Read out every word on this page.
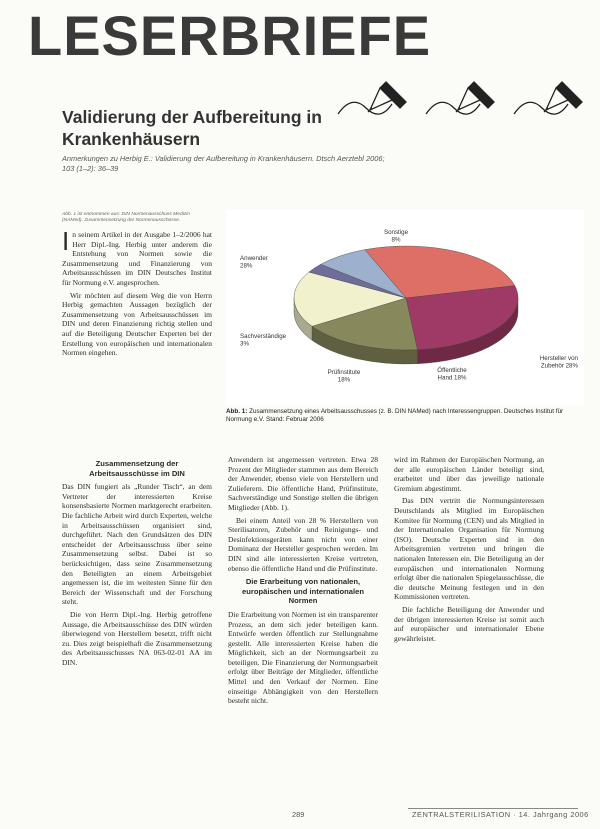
LESERBRIEFE
Validierung der Aufbereitung in Krankenhäusern
Anmerkungen zu Herbig E.: Validierung der Aufbereitung in Krankenhäusern. Dtsch Aerztebl 2006; 103 (1–2): 36–39
Abb. 1 ist entnommen aus: DIN Normenausschuss Medizin (NAMed). Zusammensetzung der Normenausschüsse.
Anwender 28%
Hersteller von Zubehör 28%
Öffentliche Hand 18%
Prüfinstitute 18%
Sachverständige 3%
Sonstige 8%
Abb. 1: Zusammensetzung eines Arbeitsausschusses (z. B. DIN NAMed) nach Interessengruppen. Deutsches Institut für Normung e.V. Stand: Februar 2006
I n seinem Artikel in der Ausgabe 1–2/2006 hat Herr Dipl.-Ing. Herbig unter anderem die Entstehung von Normen sowie die Zusammensetzung und Finanzierung von Arbeitsausschüssen im DIN Deutsches Institut für Normung e.V. angesprochen.

Wir möchten auf diesem Weg die von Herrn Herbig gemachten Aussagen bezüglich der Zusammensetzung von Arbeitsausschüssen im DIN und deren Finanzierung richtig stellen und auf die Beteiligung Deutscher Experten bei der Erstellung von europäischen und internationalen Normen eingehen.

Zusammensetzung der Arbeitsausschüsse im DIN

Das DIN fungiert als „Runder Tisch“, an dem Vertreter der interessierten Kreise konsensbasierte Normen marktgerecht erarbeiten. Die fachliche Arbeit wird durch Experten, welche in Arbeitsausschüssen organisiert sind, durchgeführt. Nach den Grundsätzen des DIN entscheidet der Arbeitsausschuss über seine Zusammensetzung selbst. Dabei ist so berücksichtigen, dass seine Zusammensetzung den Beteiligten an einem Arbeitsgebiet angemessen ist, die im weitesten Sinne für den Bereich der Wissenschaft und der Forschung steht.

Die von Herrn Dipl.-Ing. Herbig getroffene Aussage, die Arbeitsausschüsse des DIN würden überwiegend von Herstellern besetzt, trifft nicht zu. Dies zeigt beispielhaft die Zusammensetzung des Arbeitsausschusses NA 063-02-01 AA im DIN.

Anwendern ist angemessen vertreten. Etwa 28 Prozent der Mitglieder stammen aus dem Bereich der Anwender, ebenso viele von Herstellern und Zulieferern. Die öffentliche Hand, Prüfinstitute, Sachverständige und Sonstige stellen die übrigen Mitglieder (Abb. 1).

Bei einem Anteil von 28 % Herstellern von Sterilisatoren, Zubehör und Reinigungs- und Desinfektionsgeräten kann nicht von einer Dominanz der Hersteller gesprochen werden. Im DIN sind alle interessierten Kreise vertreten, ebenso die öffentliche Hand und die Prüfinstitute.

Die Erarbeitung von nationalen, europäischen und internationalen Normen

Die Erarbeitung von Normen ist ein transparenter Prozess, an dem sich jeder beteiligen kann. Entwürfe werden öffentlich zur Stellungnahme gestellt. Alle interessierten Kreise haben die Möglichkeit, sich an der Normungsarbeit zu beteiligen. Die Finanzierung der Normungsarbeit erfolgt über Beiträge der Mitglieder, öffentliche Mittel und den Verkauf der Normen. Eine einseitige Abhängigkeit von den Herstellern besteht nicht.

wird im Rahmen der Europäischen Normung, an der alle europäischen Länder beteiligt sind, erarbeitet und über das jeweilige nationale Gremium abgestimmt.

Das DIN vertritt die Normungsinteressen Deutschlands als Mitglied im Europäischen Komitee für Normung (CEN) und als Mitglied in der Internationalen Organisation für Normung (ISO). Deutsche Experten sind in den Arbeitsgremien vertreten und bringen die nationalen Interessen ein. Die Beteiligung an der europäischen und internationalen Normung erfolgt über die nationalen Spiegelausschüsse, die die deutsche Meinung festlegen und in den Kommissionen vertreten.

Die fachliche Beteiligung der Anwender und der übrigen interessierten Kreise ist somit auch auf europäischer und internationaler Ebene gewährleistet.

289	ZENTRALSTERILISATION · 14. Jahrgang 2006
